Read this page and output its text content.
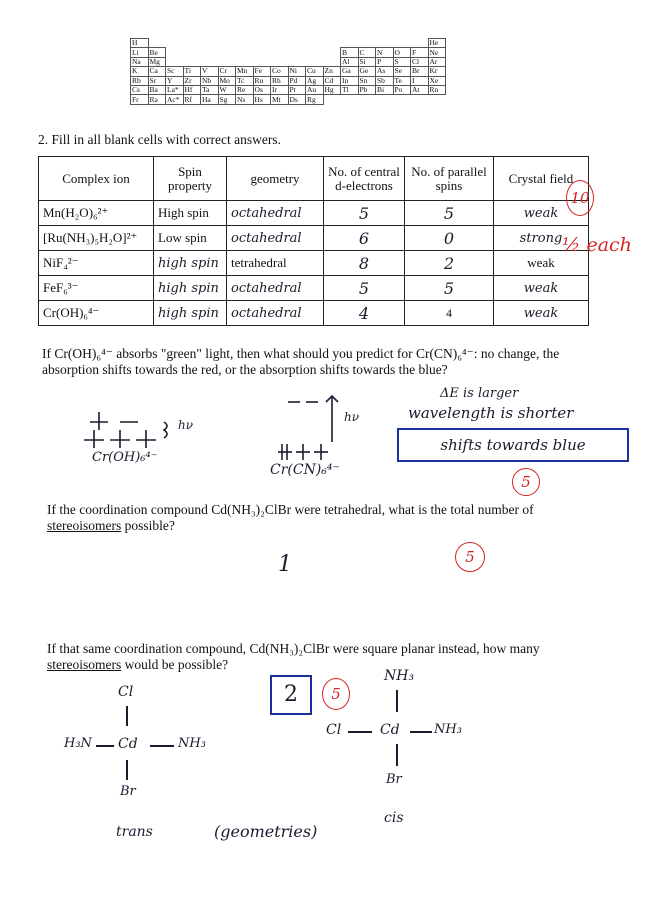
H																	He
Li	Be											B	C	N	O	F	Ne
Na	Mg											Al	Si	P	S	Cl	Ar
K	Ca	Sc	Ti	V	Cr	Mn	Fe	Co	Ni	Cu	Zn	Ga	Ge	As	Se	Br	Kr
Rb	Sr	Y	Zr	Nb	Mo	Tc	Ru	Rh	Pd	Ag	Cd	In	Sn	Sb	Te	I	Xe
Cs	Ba	La*	Hf	Ta	W	Re	Os	Ir	Pt	Au	Hg	Tl	Pb	Bi	Po	At	Rn
Fr	Ra	Ac*	Rf	Ha	Sg	Ns	Hs	Mt	Ds	Rg							
2. Fill in all blank cells with correct answers.
Complex ion	Spin property	geometry	No. of central d-electrons	No. of parallel spins	Crystal field
Mn(H₂O)₆²⁺	High spin	octahedral	5	5	weak
[Ru(NH₃)₅H₂O]²⁺	Low spin	octahedral	6	0	strong
NiF₄²⁻	high spin	tetrahedral	8	2	weak
FeF₆³⁻	high spin	octahedral	5	5	weak
Cr(OH)₆⁴⁻	high spin	octahedral	4	4	weak
10
½ each
If Cr(OH)₆⁴⁻ absorbs "green" light, then what should you predict for Cr(CN)₆⁴⁻: no change, the
absorption shifts towards the red, or the absorption shifts towards the blue?
hν
Cr(OH)₆⁴⁻
hν
Cr(CN)₆⁴⁻
ΔE is larger
wavelength is shorter
shifts towards blue
5
If the coordination compound Cd(NH₃)₂ClBr were tetrahedral, what is the total number of
stereoisomers possible?
1	5
If that same coordination compound, Cd(NH₃)₂ClBr were square planar instead, how many
stereoisomers would be possible?
2	5
Cl
H₃N Cd	NH₃
Br
trans
NH₃
Cl	Cd	NH₃
Br
cis
(geometries)
